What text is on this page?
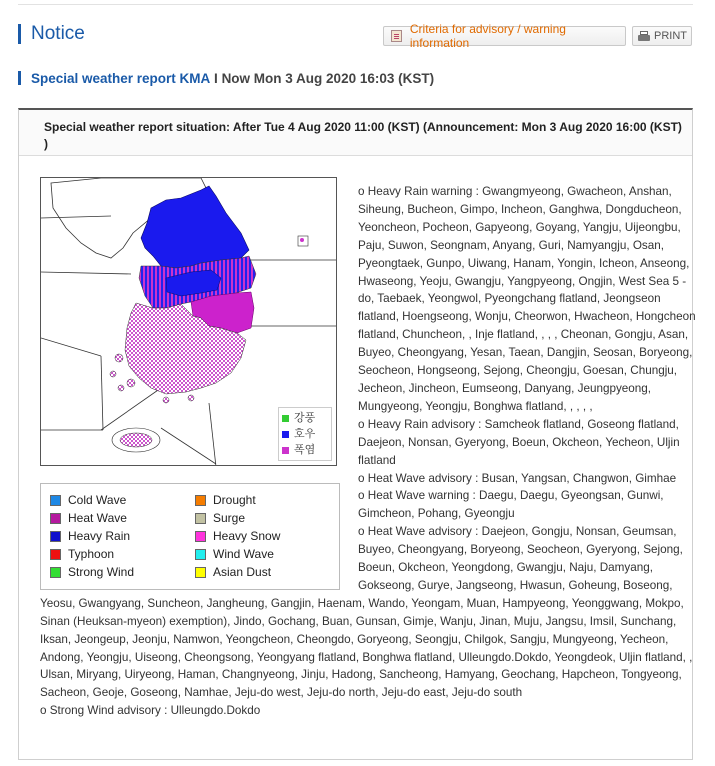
Notice	Criteria for advisory / warning information	PRINT
Special weather report KMA I Now Mon 3 Aug 2020 16:03 (KST)
Special weather report situation: After Tue 4 Aug 2020 11:00 (KST) (Announcement: Mon 3 Aug 2020 16:00 (KST) )
강풍
호우
폭염
Cold Wave	Drought
Heat Wave	Surge
Heavy Rain	Heavy Snow
Typhoon	Wind Wave
Strong Wind	Asian Dust

o Heavy Rain warning : Gwangmyeong, Gwacheon, Anshan, Siheung, Bucheon, Gimpo, Incheon, Ganghwa, Dongducheon, Yeoncheon, Pocheon, Gapyeong, Goyang, Yangju, Uijeongbu, Paju, Suwon, Seongnam, Anyang, Guri, Namyangju, Osan, Pyeongtaek, Gunpo, Uiwang, Hanam, Yongin, Icheon, Anseong, Hwaseong, Yeoju, Gwangju, Yangpyeong, Ongjin, West Sea 5 - do, Taebaek, Yeongwol, Pyeongchang flatland, Jeongseon flatland, Hoengseong, Wonju, Cheorwon, Hwacheon, Hongcheon flatland, Chuncheon, , Inje flatland, , , , Cheonan, Gongju, Asan, Buyeo, Cheongyang, Yesan, Taean, Dangjin, Seosan, Boryeong, Seocheon, Hongseong, Sejong, Cheongju, Goesan, Chungju, Jecheon, Jincheon, Eumseong, Danyang, Jeungpyeong, Mungyeong, Yeongju, Bonghwa flatland, , , , ,

o Heavy Rain advisory : Samcheok flatland, Goseong flatland, Daejeon, Nonsan, Gyeryong, Boeun, Okcheon, Yecheon, Uljin flatland

o Heat Wave advisory : Busan, Yangsan, Changwon, Gimhae

o Heat Wave warning : Daegu, Daegu, Gyeongsan, Gunwi, Gimcheon, Pohang, Gyeongju

o Heat Wave advisory : Daejeon, Gongju, Nonsan, Geumsan, Buyeo, Cheongyang, Boryeong, Seocheon, Gyeryong, Sejong, Boeun, Okcheon, Yeongdong, Gwangju, Naju, Damyang, Gokseong, Gurye, Jangseong, Hwasun, Goheung, Boseong, Yeosu, Gwangyang, Suncheon, Jangheung, Gangjin, Haenam, Wando, Yeongam, Muan, Hampyeong, Yeonggwang, Mokpo, Sinan (Heuksan-myeon) exemption), Jindo, Gochang, Buan, Gunsan, Gimje, Wanju, Jinan, Muju, Jangsu, Imsil, Sunchang, Iksan, Jeongeup, Jeonju, Namwon, Yeongcheon, Cheongdo, Goryeong, Seongju, Chilgok, Sangju, Mungyeong, Yecheon, Andong, Yeongju, Uiseong, Cheongsong, Yeongyang flatland, Bonghwa flatland, Ulleungdo.Dokdo, Yeongdeok, Uljin flatland, , Ulsan, Miryang, Uiryeong, Haman, Changnyeong, Jinju, Hadong, Sancheong, Hamyang, Geochang, Hapcheon, Tongyeong, Sacheon, Geoje, Goseong, Namhae, Jeju-do west, Jeju-do north, Jeju-do east, Jeju-do south

o Strong Wind advisory : Ulleungdo.Dokdo
